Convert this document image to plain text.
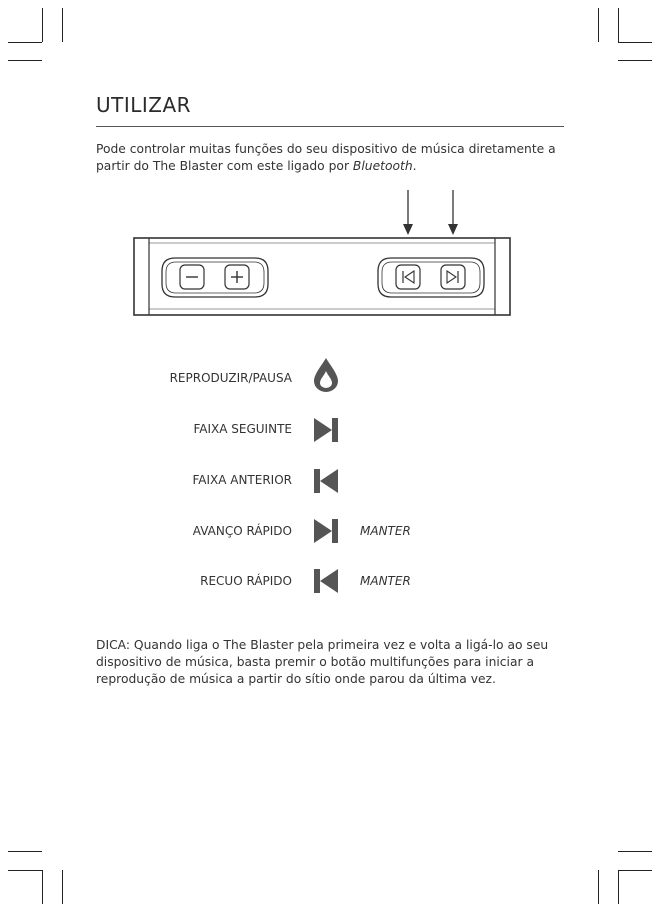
UTILIZAR
Pode controlar muitas funções do seu dispositivo de música diretamente a partir do The Blaster com este ligado por Bluetooth.
REPRODUZIR/PAUSA
FAIXA SEGUINTE
FAIXA ANTERIOR
AVANÇO RÁPIDO	MANTER
RECUO RÁPIDO	MANTER
DICA: Quando liga o The Blaster pela primeira vez e volta a ligá-lo ao seu dispositivo de música, basta premir o botão multifunções para iniciar a reprodução de música a partir do sítio onde parou da última vez.
